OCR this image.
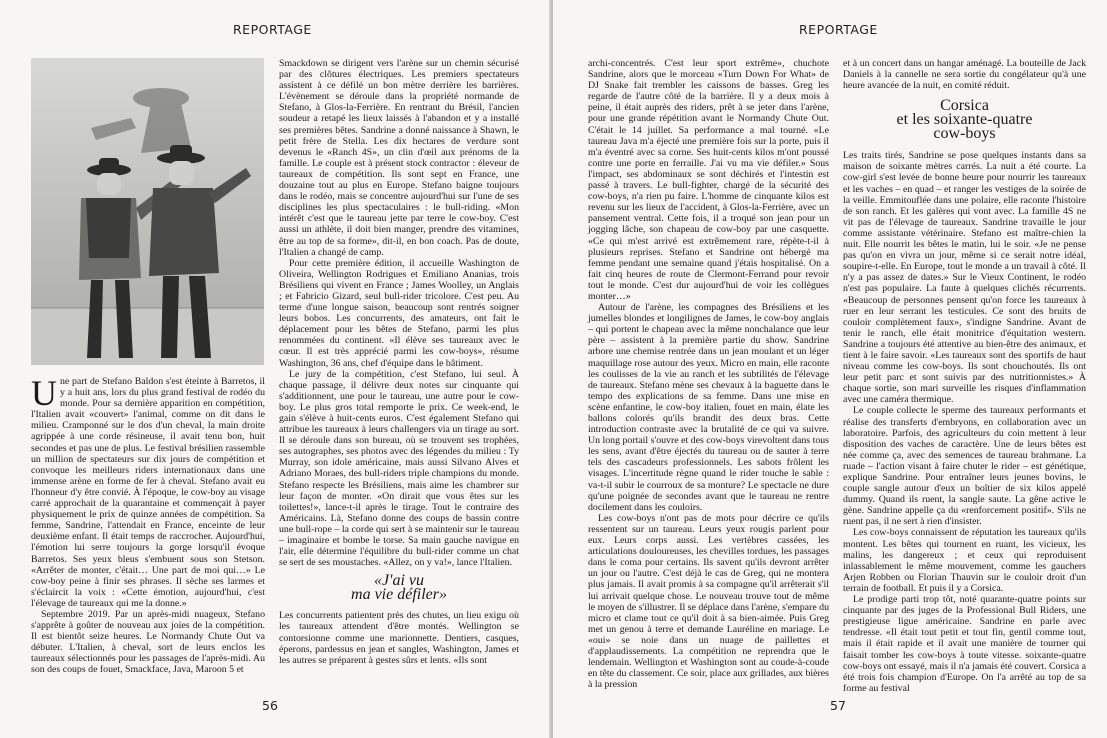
REPORTAGE

Une part de Stefano Baldon s'est éteinte à Barretos, il y a huit ans, lors du plus grand festival de rodéo du monde. Pour sa dernière apparition en compétition, l'Italien avait «couvert» l'animal, comme on dit dans le milieu. Cramponné sur le dos d'un cheval, la main droite agrippée à une corde résineuse, il avait tenu bon, huit secondes et pas une de plus. Le festival brésilien rassemble un million de spectateurs sur dix jours de compétition et convoque les meilleurs riders internationaux dans une immense arène en forme de fer à cheval. Stefano avait eu l'honneur d'y être convié. À l'époque, le cow-boy au visage carré approchait de la quarantaine et commençait à payer physiquement le prix de quinze années de compétition. Sa femme, Sandrine, l'attendait en France, enceinte de leur deuxième enfant. Il était temps de raccrocher. Aujourd'hui, l'émotion lui serre toujours la gorge lorsqu'il évoque Barretos. Ses yeux bleus s'embuent sous son Stetson. «Arrêter de monter, c'était… Une part de moi qui…» Le cow-boy peine à finir ses phrases. Il sèche ses larmes et s'éclaircit la voix : «Cette émotion, aujourd'hui, c'est l'élevage de taureaux qui me la donne.»

Septembre 2019. Par un après-midi nuageux, Stefano s'apprête à goûter de nouveau aux joies de la compétition. Il est bientôt seize heures. Le Normandy Chute Out va débuter. L'Italien, à cheval, sort de leurs enclos les taureaux sélectionnés pour les passages de l'après-midi. Au son des coups de fouet, Smackface, Java, Maroon 5 et

Smackdown se dirigent vers l'arène sur un chemin sécurisé par des clôtures électriques. Les premiers spectateurs assistent à ce défilé un bon mètre derrière les barrières. L'évènement se déroule dans la propriété normande de Stefano, à Glos-la-Ferrière. En rentrant du Brésil, l'ancien soudeur a retapé les lieux laissés à l'abandon et y a installé ses premières bêtes. Sandrine a donné naissance à Shawn, le petit frère de Stella. Les dix hectares de verdure sont devenus le «Ranch 4S», un clin d'œil aux prénoms de la famille. Le couple est à présent stock contractor : éleveur de taureaux de compétition. Ils sont sept en France, une douzaine tout au plus en Europe. Stefano baigne toujours dans le rodéo, mais se concentre aujourd'hui sur l'une de ses disciplines les plus spectaculaires : le bull-riding. «Mon intérêt c'est que le taureau jette par terre le cow-boy. C'est aussi un athlète, il doit bien manger, prendre des vitamines, être au top de sa forme», dit-il, en bon coach. Pas de doute, l'Italien a changé de camp.

Pour cette première édition, il accueille Washington de Oliveira, Wellington Rodrigues et Emiliano Ananias, trois Brésiliens qui vivent en France ; James Woolley, un Anglais ; et Fabricio Gizard, seul bull-rider tricolore. C'est peu. Au terme d'une longue saison, beaucoup sont rentrés soigner leurs bobos. Les concurrents, des amateurs, ont fait le déplacement pour les bêtes de Stefano, parmi les plus renommées du continent. «Il élève ses taureaux avec le cœur. Il est très apprécié parmi les cow-boys», résume Washington, 36 ans, chef d'équipe dans le bâtiment.

Le jury de la compétition, c'est Stefano, lui seul. À chaque passage, il délivre deux notes sur cinquante qui s'additionnent, une pour le taureau, une autre pour le cow-boy. Le plus gros total remporte le prix. Ce week-end, le gain s'élève à huit-cents euros. C'est également Stefano qui attribue les taureaux à leurs challengers via un tirage au sort. Il se déroule dans son bureau, où se trouvent ses trophées, ses autographes, ses photos avec des légendes du milieu : Ty Murray, son idole américaine, mais aussi Silvano Alves et Adriano Moraes, des bull-riders triple champions du monde. Stefano respecte les Brésiliens, mais aime les chambrer sur leur façon de monter. «On dirait que vous êtes sur les toilettes!», lance-t-il après le tirage. Tout le contraire des Américains. Là, Stefano donne des coups de bassin contre une bull-rope – la corde qui sert à se maintenir sur le taureau – imaginaire et bombe le torse. Sa main gauche navigue en l'air, elle détermine l'équilibre du bull-rider comme un chat se sert de ses moustaches. «Allez, on y va!», lance l'Italien.

«J'ai vu
ma vie défiler»

Les concurrents patientent près des chutes, un lieu exigu où les taureaux attendent d'être montés. Wellington se contorsionne comme une marionnette. Dentiers, casques, éperons, pardessus en jean et sangles, Washington, James et les autres se préparent à gestes sûrs et lents. «Ils sont

56
REPORTAGE

archi-concentrés. C'est leur sport extrême», chuchote Sandrine, alors que le morceau «Turn Down For What» de DJ Snake fait trembler les caissons de basses. Greg les regarde de l'autre côté de la barrière. Il y a deux mois à peine, il était auprès des riders, prêt à se jeter dans l'arène, pour une grande répétition avant le Normandy Chute Out. C'était le 14 juillet. Sa performance a mal tourné. «Le taureau Java m'a éjecté une première fois sur la porte, puis il m'a éventré avec sa corne. Ses huit-cents kilos m'ont poussé contre une porte en ferraille. J'ai vu ma vie défiler.» Sous l'impact, ses abdominaux se sont déchirés et l'intestin est passé à travers. Le bull-fighter, chargé de la sécurité des cow-boys, n'a rien pu faire. L'homme de cinquante kilos est revenu sur les lieux de l'accident, à Glos-la-Ferrière, avec un pansement ventral. Cette fois, il a troqué son jean pour un jogging lâche, son chapeau de cow-boy par une casquette. «Ce qui m'est arrivé est extrêmement rare, répète-t-il à plusieurs reprises. Stefano et Sandrine ont hébergé ma femme pendant une semaine quand j'étais hospitalisé. On a fait cinq heures de route de Clermont-Ferrand pour revoir tout le monde. C'est dur aujourd'hui de voir les collègues monter…»

Autour de l'arène, les compagnes des Brésiliens et les jumelles blondes et longilignes de James, le cow-boy anglais – qui portent le chapeau avec la même nonchalance que leur père – assistent à la première partie du show. Sandrine arbore une chemise rentrée dans un jean moulant et un léger maquillage rose autour des yeux. Micro en main, elle raconte les coulisses de la vie au ranch et les subtilités de l'élevage de taureaux. Stefano mène ses chevaux à la baguette dans le tempo des explications de sa femme. Dans une mise en scène enfantine, le cow-boy italien, fouet en main, élate les ballons colorés qu'ils brandit des deux bras. Cette introduction contraste avec la brutalité de ce qui va suivre. Un long portail s'ouvre et des cow-boys virevoltent dans tous les sens, avant d'être éjectés du taureau ou de sauter à terre tels des cascadeurs professionnels. Les sabots frôlent les visages. L'incertitude règne quand le rider touche le sable : va-t-il subir le courroux de sa monture? Le spectacle ne dure qu'une poignée de secondes avant que le taureau ne rentre docilement dans les couloirs.

Les cow-boys n'ont pas de mots pour décrire ce qu'ils ressentent sur un taureau. Leurs yeux rougis parlent pour eux. Leurs corps aussi. Les vertèbres cassées, les articulations douloureuses, les chevilles tordues, les passages dans le coma pour certains. Ils savent qu'ils devront arrêter un jour ou l'autre. C'est déjà le cas de Greg, qui ne montera plus jamais. Il avait promis à sa compagne qu'il arrêterait s'il lui arrivait quelque chose. Le nouveau trouve tout de même le moyen de s'illustrer. Il se déplace dans l'arène, s'empare du micro et clame tout ce qu'il doit à sa bien-aimée. Puis Greg met un genou à terre et demande Lauréline en mariage. Le «oui» se noie dans un nuage de paillettes et d'applaudissements. La compétition ne reprendra que le lendemain. Wellington et Washington sont au coude-à-coude en tête du classement. Ce soir, place aux grillades, aux bières à la pression

et à un concert dans un hangar aménagé. La bouteille de Jack Daniels à la cannelle ne sera sortie du congélateur qu'à une heure avancée de la nuit, en comité réduit.

Corsica
et les soixante-quatre
cow-boys

Les traits tirés, Sandrine se pose quelques instants dans sa maison de soixante mètres carrés. La nuit a été courte. La cow-girl s'est levée de bonne heure pour nourrir les taureaux et les vaches – en quad – et ranger les vestiges de la soirée de la veille. Emmitouflée dans une polaire, elle raconte l'histoire de son ranch. Et les galères qui vont avec. La famille 4S ne vit pas de l'élevage de taureaux. Sandrine travaille le jour comme assistante vétérinaire. Stefano est maître-chien la nuit. Elle nourrit les bêtes le matin, lui le soir. «Je ne pense pas qu'on en vivra un jour, même si ce serait notre idéal, soupire-t-elle. En Europe, tout le monde a un travail à côté. Il n'y a pas assez de dates.» Sur le Vieux Continent, le rodéo n'est pas populaire. La faute à quelques clichés récurrents. «Beaucoup de personnes pensent qu'on force les taureaux à ruer en leur serrant les testicules. Ce sont des bruits de couloir complètement faux», s'indigne Sandrine. Avant de tenir le ranch, elle était monitrice d'équitation western. Sandrine a toujours été attentive au bien-être des animaux, et tient à le faire savoir. «Les taureaux sont des sportifs de haut niveau comme les cow-boys. Ils sont chouchoutés. Ils ont leur petit parc et sont suivis par des nutritionnistes.» À chaque sortie, son mari surveille les risques d'inflammation avec une caméra thermique.

Le couple collecte le sperme des taureaux performants et réalise des transferts d'embryons, en collaboration avec un laboratoire. Parfois, des agriculteurs du coin mettent à leur disposition des vaches de caractère. Une de leurs bêtes est née comme ça, avec des semences de taureau brahmane. La ruade – l'action visant à faire chuter le rider – est génétique, explique Sandrine. Pour entraîner leurs jeunes bovins, le couple sangle autour d'eux un boîtier de six kilos appelé dummy. Quand ils ruent, la sangle saute. La gêne active le gène. Sandrine appelle ça du «renforcement positif». S'ils ne ruent pas, il ne sert à rien d'insister.

Les cow-boys connaissent de réputation les taureaux qu'ils montent. Les bêtes qui tournent en ruant, les vicieux, les malins, les dangereux ; et ceux qui reproduisent inlassablement le même mouvement, comme les gauchers Arjen Robben ou Florian Thauvin sur le couloir droit d'un terrain de football. Et puis il y a Corsica.

Le prodige parti trop tôt, noté quarante-quatre points sur cinquante par des juges de la Professional Bull Riders, une prestigieuse ligue américaine. Sandrine en parle avec tendresse. «Il était tout petit et tout fin, gentil comme tout, mais il était rapide et il avait une manière de tourner qui faisait tomber les cow-boys à toute vitesse. soixante-quatre cow-boys ont essayé, mais il n'a jamais été couvert. Corsica a été trois fois champion d'Europe. On l'a arrêté au top de sa forme au festival

57
